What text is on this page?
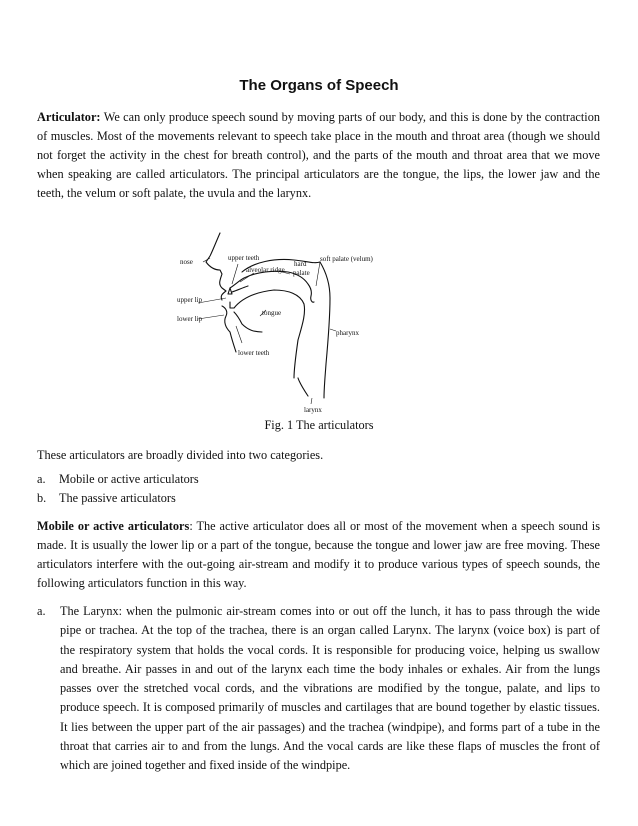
The Organs of Speech

Articulator: We can only produce speech sound by moving parts of our body, and this is done by the contraction of muscles. Most of the movements relevant to speech take place in the mouth and throat area (though we should not forget the activity in the chest for breath control), and the parts of the mouth and throat area that we move when speaking are called articulators. The principal articulators are the tongue, the lips, the lower jaw and the teeth, the velum or soft palate, the uvula and the larynx.

nose	upper teeth
alveolar ridge
hard
palate
soft palate (velum)
upper lip
lower lip
tongue
pharynx
lower teeth
larynx
Fig. 1 The articulators

These articulators are broadly divided into two categories.

a. Mobile or active articulators
b. The passive articulators

Mobile or active articulators: The active articulator does all or most of the movement when a speech sound is made. It is usually the lower lip or a part of the tongue, because the tongue and lower jaw are free moving. These articulators interfere with the out-going air-stream and modify it to produce various types of speech sounds, the following articulators function in this way.

a. The Larynx: when the pulmonic air-stream comes into or out off the lunch, it has to pass through the wide pipe or trachea. At the top of the trachea, there is an organ called Larynx. The larynx (voice box) is part of the respiratory system that holds the vocal cords. It is responsible for producing voice, helping us swallow and breathe. Air passes in and out of the larynx each time the body inhales or exhales. Air from the lungs passes over the stretched vocal cords, and the vibrations are modified by the tongue, palate, and lips to produce speech. It is composed primarily of muscles and cartilages that are bound together by elastic tissues. It lies between the upper part of the air passages) and the trachea (windpipe), and forms part of a tube in the throat that carries air to and from the lungs. And the vocal cards are like these flaps of muscles the front of which are joined together and fixed inside of the windpipe.
